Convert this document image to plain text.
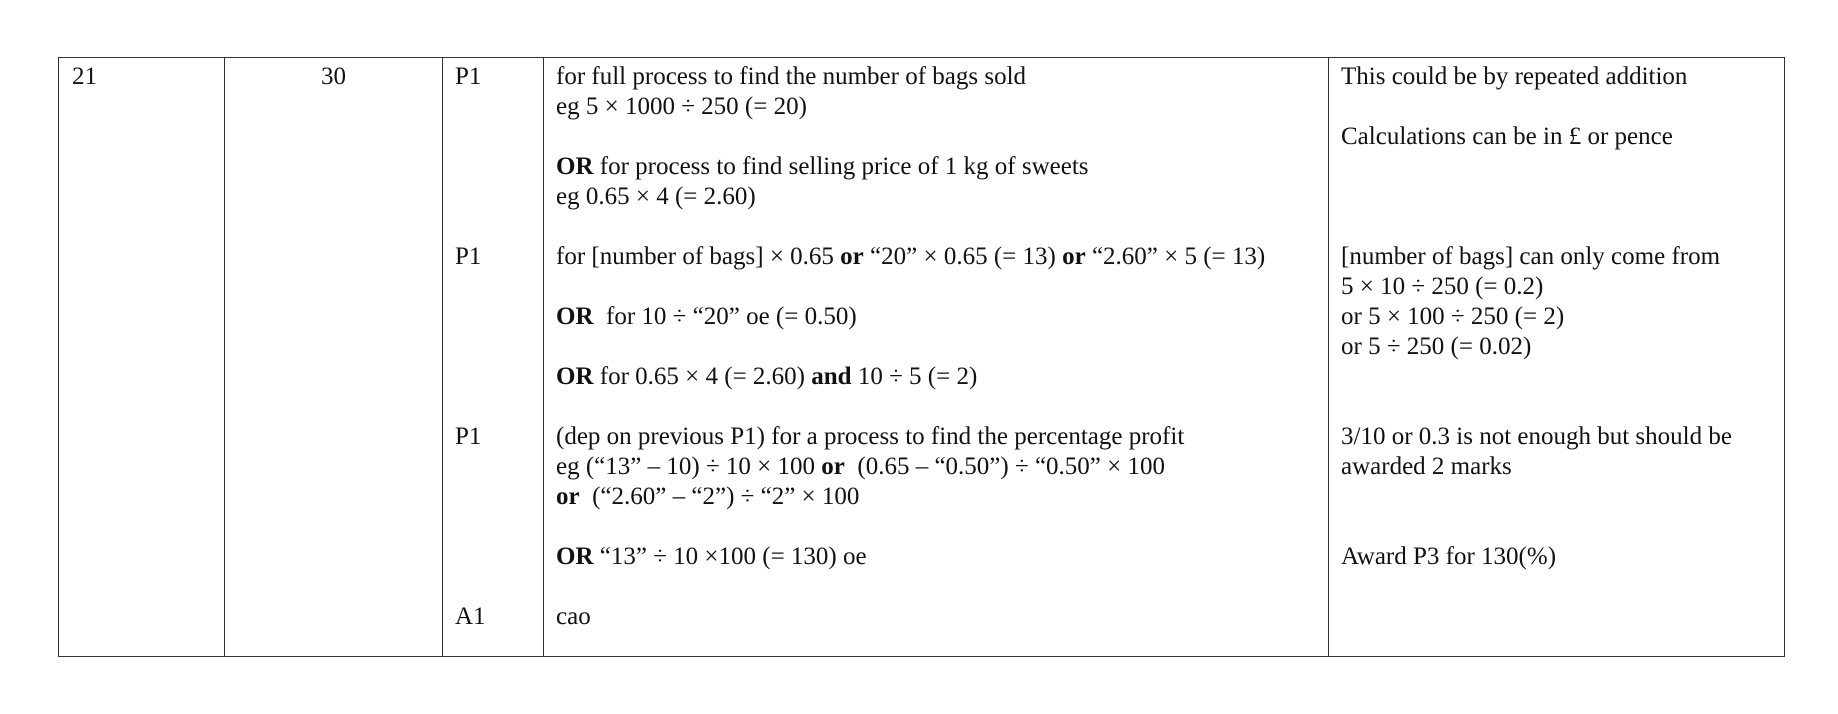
21	30	P1
P1
P1
A1
for full process to find the number of bags sold
eg 5 × 1000 ÷ 250 (= 20)
OR for process to find selling price of 1 kg of sweets
eg 0.65 × 4 (= 2.60)
for [number of bags] × 0.65 or “20” × 0.65 (= 13) or “2.60” × 5 (= 13)
OR for 10 ÷ “20” oe (= 0.50)
OR for 0.65 × 4 (= 2.60) and 10 ÷ 5 (= 2)
(dep on previous P1) for a process to find the percentage profit
eg (“13” – 10) ÷ 10 × 100 or (0.65 – “0.50”) ÷ “0.50” × 100
or (“2.60” – “2”) ÷ “2” × 100
OR “13” ÷ 10 ×100 (= 130) oe
cao
This could be by repeated addition
Calculations can be in £ or pence
[number of bags] can only come from
5 × 10 ÷ 250 (= 0.2)
or 5 × 100 ÷ 250 (= 2)
or 5 ÷ 250 (= 0.02)
3/10 or 0.3 is not enough but should be
awarded 2 marks
Award P3 for 130(%)
